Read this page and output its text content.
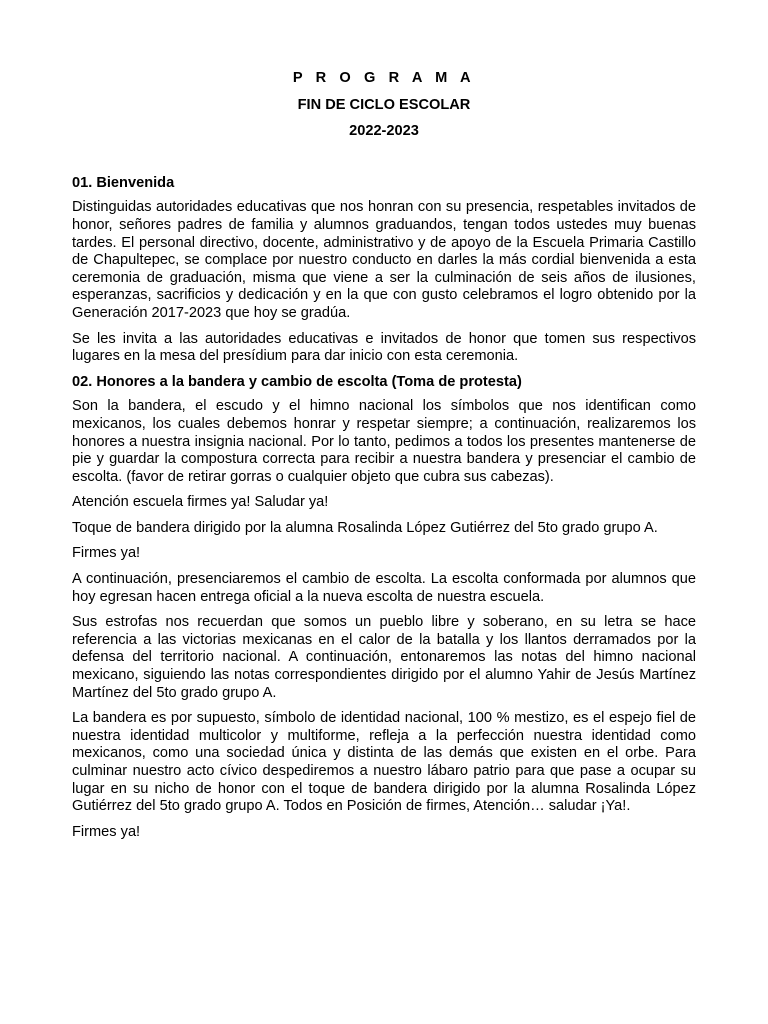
P R O G R A M A
FIN DE CICLO ESCOLAR
2022-2023
01. Bienvenida

Distinguidas autoridades educativas que nos honran con su presencia, respetables invitados de honor, señores padres de familia y alumnos graduandos, tengan todos ustedes muy buenas tardes. El personal directivo, docente, administrativo y de apoyo de la Escuela Primaria Castillo de Chapultepec, se complace por nuestro conducto en darles la más cordial bienvenida a esta ceremonia de graduación, misma que viene a ser la culminación de seis años de ilusiones, esperanzas, sacrificios y dedicación y en la que con gusto celebramos el logro obtenido por la Generación 2017-2023 que hoy se gradúa.

Se les invita a las autoridades educativas e invitados de honor que tomen sus respectivos lugares en la mesa del presídium para dar inicio con esta ceremonia.

02. Honores a la bandera y cambio de escolta (Toma de protesta)

Son la bandera, el escudo y el himno nacional los símbolos que nos identifican como mexicanos, los cuales debemos honrar y respetar siempre; a continuación, realizaremos los honores a nuestra insignia nacional. Por lo tanto, pedimos a todos los presentes mantenerse de pie y guardar la compostura correcta para recibir a nuestra bandera y presenciar el cambio de escolta. (favor de retirar gorras o cualquier objeto que cubra sus cabezas).

Atención escuela firmes ya! Saludar ya!

Toque de bandera dirigido por la alumna Rosalinda López Gutiérrez del 5to grado grupo A.

Firmes ya!

A continuación, presenciaremos el cambio de escolta. La escolta conformada por alumnos que hoy egresan hacen entrega oficial a la nueva escolta de nuestra escuela.

Sus estrofas nos recuerdan que somos un pueblo libre y soberano, en su letra se hace referencia a las victorias mexicanas en el calor de la batalla y los llantos derramados por la defensa del territorio nacional. A continuación, entonaremos las notas del himno nacional mexicano, siguiendo las notas correspondientes dirigido por el alumno Yahir de Jesús Martínez Martínez del 5to grado grupo A.

La bandera es por supuesto, símbolo de identidad nacional, 100 % mestizo, es el espejo fiel de nuestra identidad multicolor y multiforme, refleja a la perfección nuestra identidad como mexicanos, como una sociedad única y distinta de las demás que existen en el orbe. Para culminar nuestro acto cívico despediremos a nuestro lábaro patrio para que pase a ocupar su lugar en su nicho de honor con el toque de bandera dirigido por la alumna Rosalinda López Gutiérrez del 5to grado grupo A. Todos en Posición de firmes, Atención… saludar ¡Ya!.

Firmes ya!
